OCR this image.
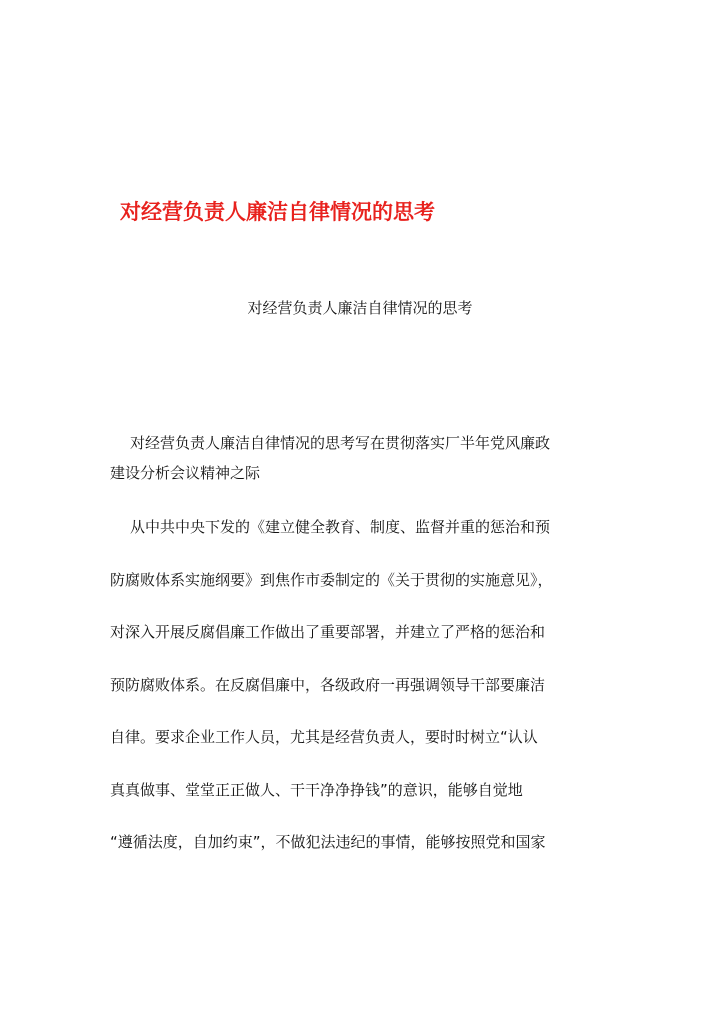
对经营负责人廉洁自律情况的思考
对经营负责人廉洁自律情况的思考
对经营负责人廉洁自律情况的思考写在贯彻落实厂半年党风廉政
建设分析会议精神之际
从中共中央下发的《建立健全教育、制度、监督并重的惩治和预
防腐败体系实施纲要》到焦作市委制定的《关于贯彻的实施意见》，
对深入开展反腐倡廉工作做出了重要部署，并建立了严格的惩治和
预防腐败体系。在反腐倡廉中，各级政府一再强调领导干部要廉洁
自律。要求企业工作人员，尤其是经营负责人，要时时树立“认认
真真做事、堂堂正正做人、干干净净挣钱”的意识，能够自觉地
“遵循法度，自加约束”，不做犯法违纪的事情，能够按照党和国家
